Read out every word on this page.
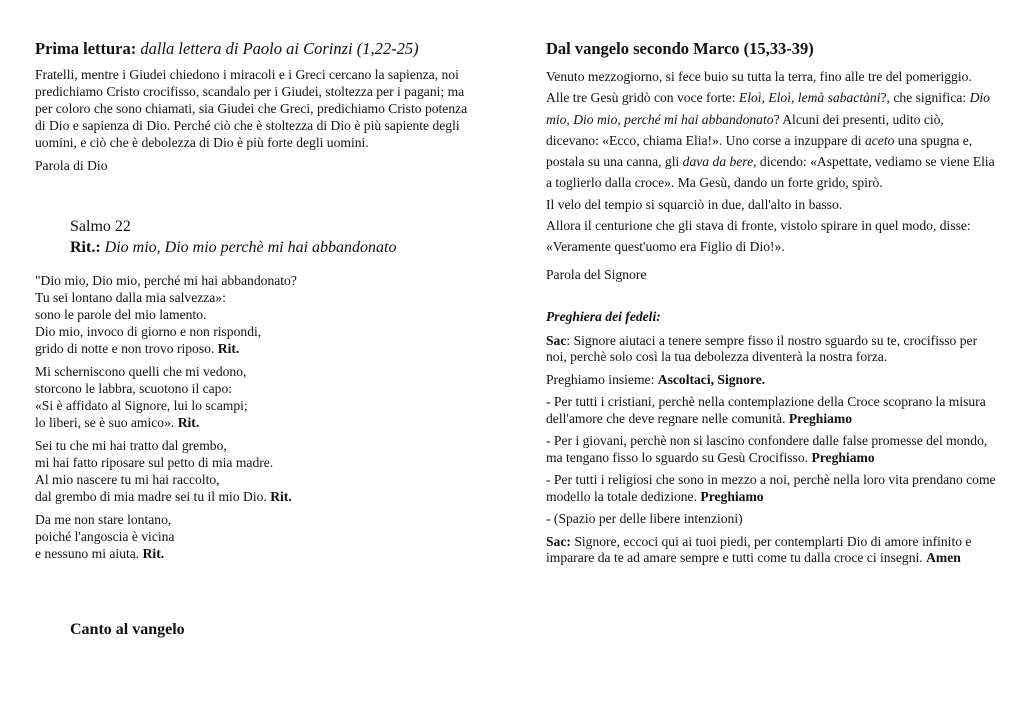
Prima lettura: dalla lettera di Paolo ai Corinzi (1,22-25)

Fratelli, mentre i Giudei chiedono i miracoli e i Greci cercano la sapienza, noi predichiamo Cristo crocifisso, scandalo per i Giudei, stoltezza per i pagani; ma per coloro che sono chiamati, sia Giudei che Greci, predichiamo Cristo potenza di Dio e sapienza di Dio. Perché ciò che è stoltezza di Dio è più sapiente degli uomini, e ciò che è debolezza di Dio è più forte degli uomini.

Parola di Dio

Salmo 22
Rit.: Dio mio, Dio mio perchè mi hai abbandonato

"Dio mio, Dio mio, perché mi hai abbandonato?
Tu sei lontano dalla mia salvezza»:
sono le parole del mio lamento.
Dio mio, invoco di giorno e non rispondi,
grido di notte e non trovo riposo. Rit.

Mi scherniscono quelli che mi vedono,
storcono le labbra, scuotono il capo:
«Si è affidato al Signore, lui lo scampi;
lo liberi, se è suo amico». Rit.

Sei tu che mi hai tratto dal grembo,
mi hai fatto riposare sul petto di mia madre.
Al mio nascere tu mi hai raccolto,
dal grembo di mia madre sei tu il mio Dio. Rit.

Da me non stare lontano,
poiché l'angoscia è vicina
e nessuno mi aiuta. Rit.

Canto al vangelo

Dal vangelo secondo Marco (15,33-39)

Venuto mezzogiorno, si fece buio su tutta la terra, fino alle tre del pomeriggio. Alle tre Gesù gridò con voce forte: Eloì, Eloì, lemà sabactàni?, che significa: Dio mio, Dio mio, perché mi hai abbandonato? Alcuni dei presenti, udito ciò, dicevano: «Ecco, chiama Elia!». Uno corse a inzuppare di aceto una spugna e, postala su una canna, gli dava da bere, dicendo: «Aspettate, vediamo se viene Elia a toglierlo dalla croce». Ma Gesù, dando un forte grido, spirò.

Il velo del tempio si squarciò in due, dall'alto in basso.

Allora il centurione che gli stava di fronte, vistolo spirare in quel modo, disse: «Veramente quest'uomo era Figlio di Dio!».

Parola del Signore

Preghiera dei fedeli:

Sac: Signore aiutaci a tenere sempre fisso il nostro sguardo su te, crocifisso per noi, perchè solo così la tua debolezza diventerà la nostra forza.

Preghiamo insieme: Ascoltaci, Signore.

- Per tutti i cristiani, perchè nella contemplazione della Croce scoprano la misura dell'amore che deve regnare nelle comunità. Preghiamo

- Per i giovani, perchè non si lascino confondere dalle false promesse del mondo, ma tengano fisso lo sguardo su Gesù Crocifisso. Preghiamo

- Per tutti i religiosi che sono in mezzo a noi, perchè nella loro vita prendano come modello la totale dedizione. Preghiamo

- (Spazio per delle libere intenzioni)

Sac: Signore, eccoci qui ai tuoi piedi, per contemplarti Dio di amore infinito e imparare da te ad amare sempre e tutti come tu dalla croce ci insegni. Amen
